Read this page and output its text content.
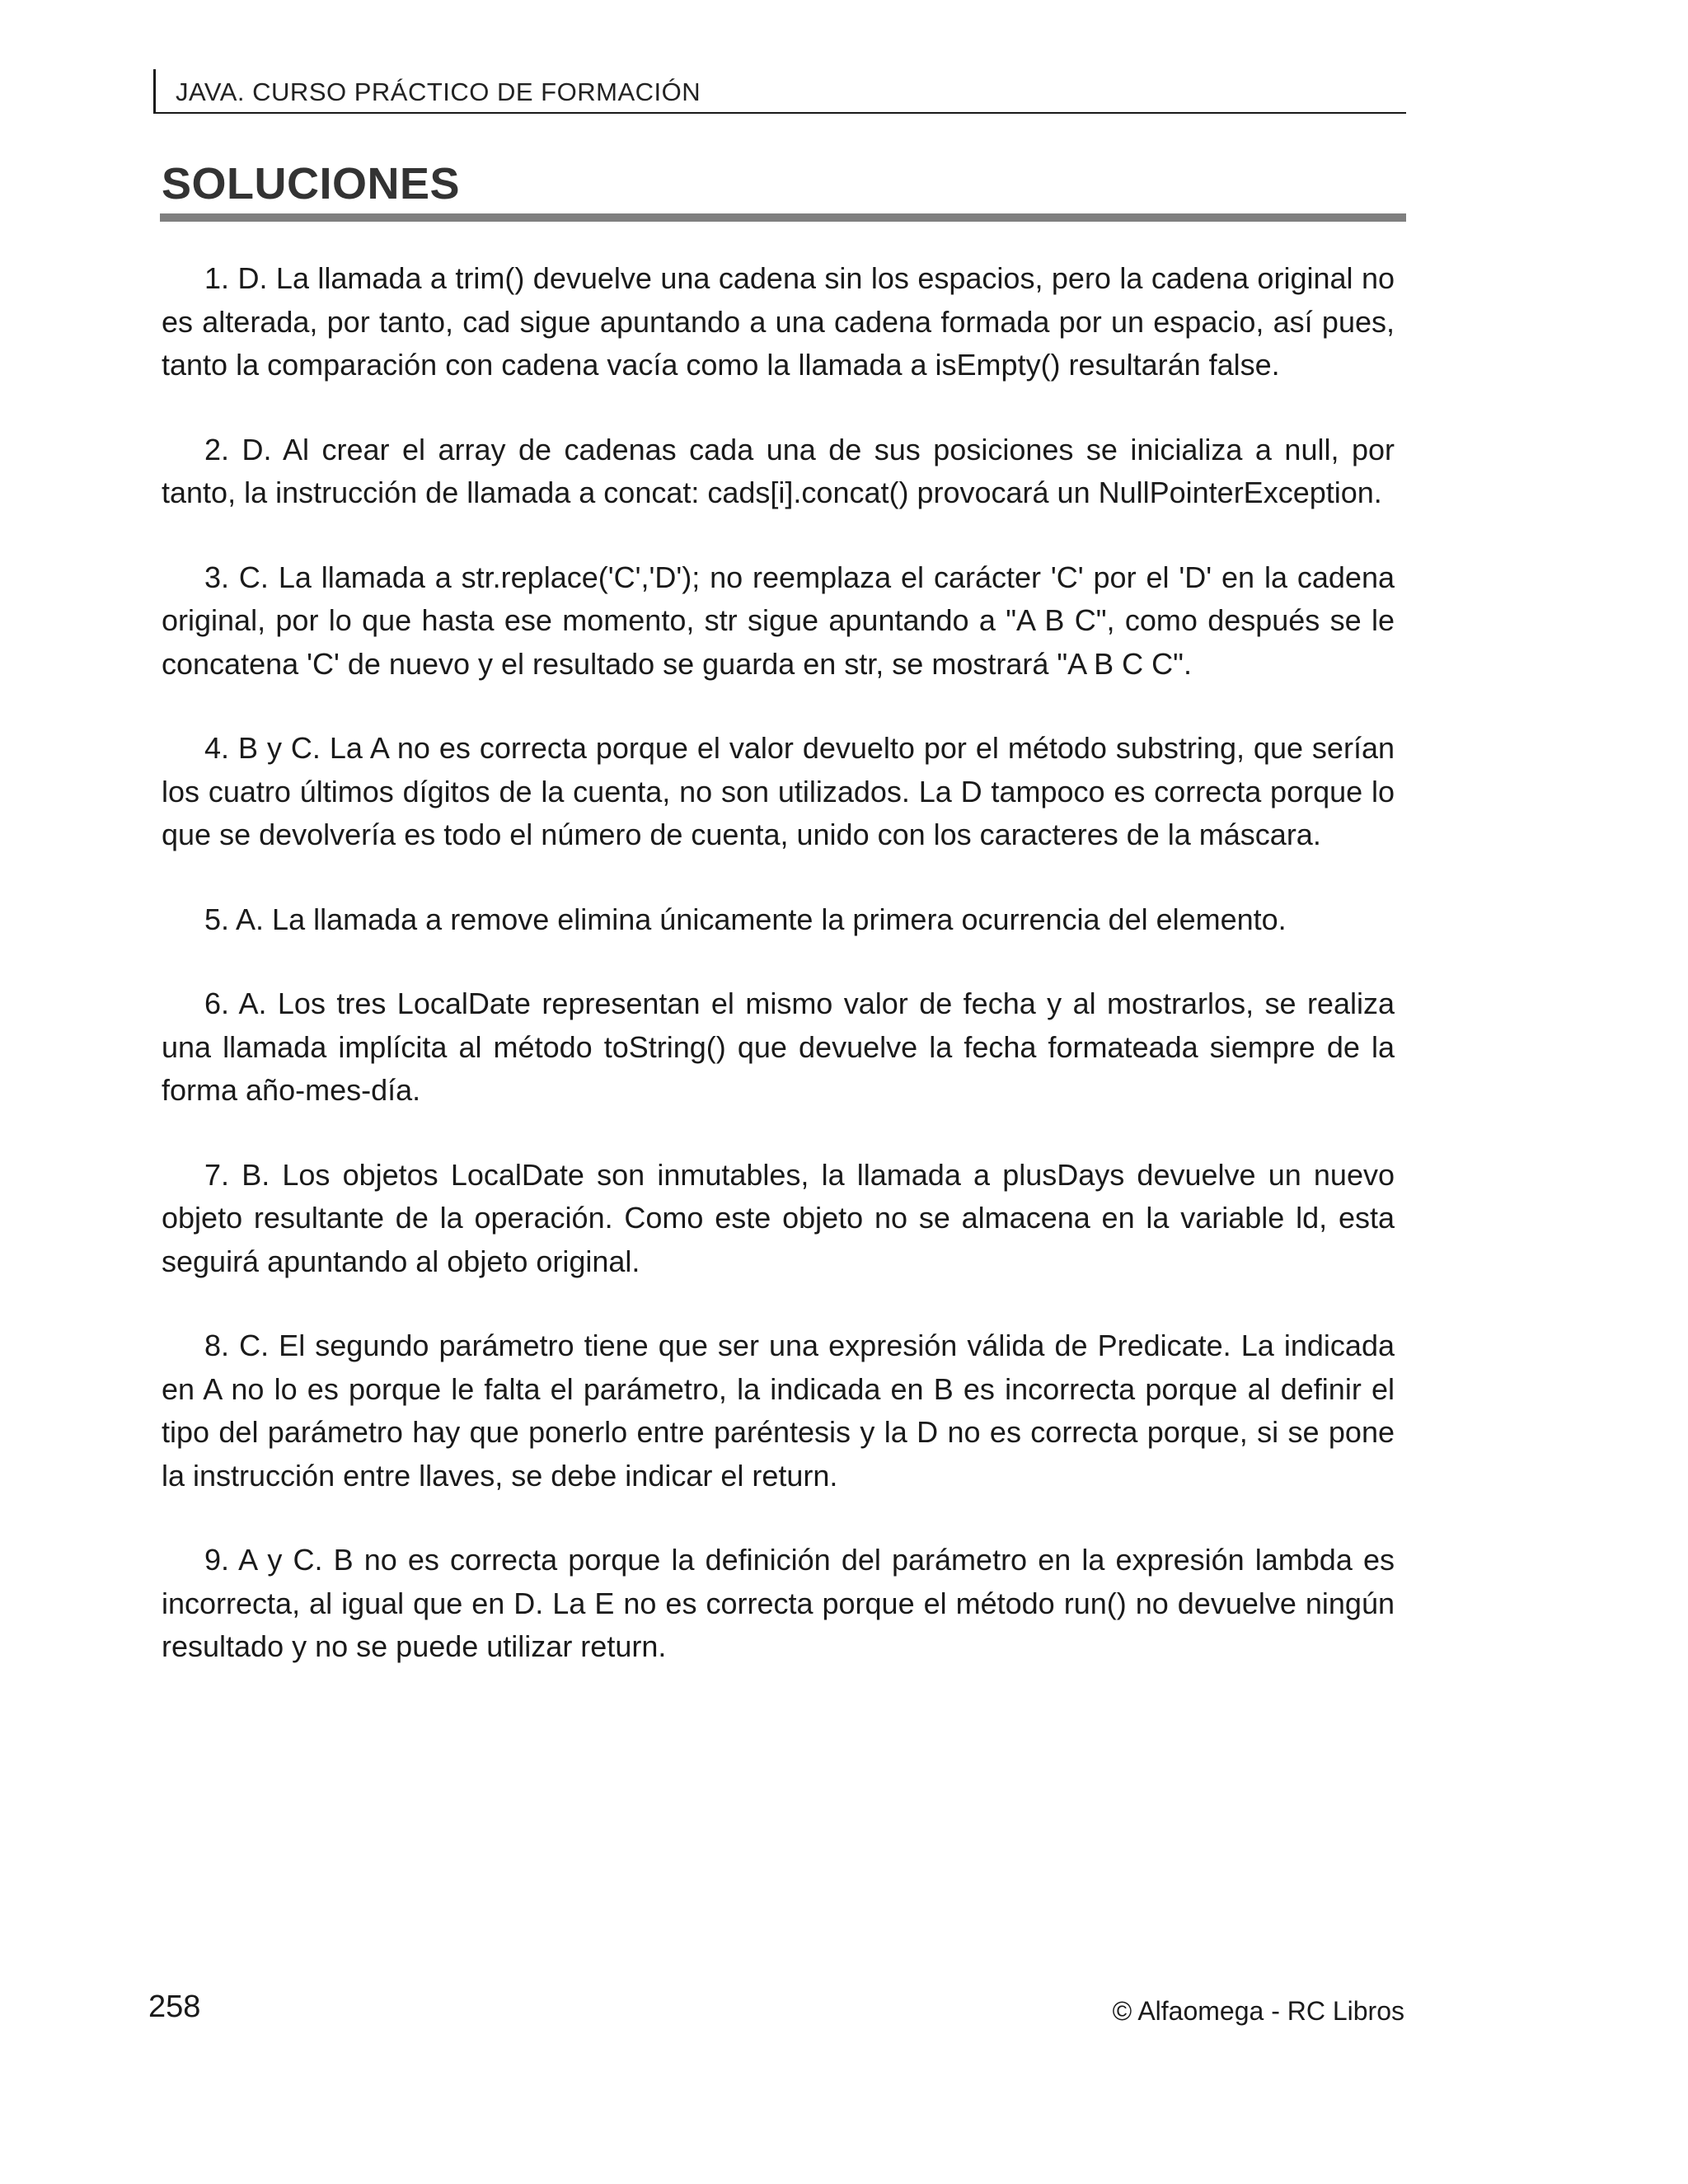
JAVA. CURSO PRÁCTICO DE FORMACIÓN
SOLUCIONES

1. D. La llamada a trim() devuelve una cadena sin los espacios, pero la cadena original no es alterada, por tanto, cad sigue apuntando a una cadena formada por un espacio, así pues, tanto la comparación con cadena vacía como la llamada a isEmpty() resultarán false.

2. D. Al crear el array de cadenas cada una de sus posiciones se inicializa a null, por tanto, la instrucción de llamada a concat: cads[i].concat() provocará un NullPointerException.

3. C. La llamada a str.replace('C','D'); no reemplaza el carácter 'C' por el 'D' en la cadena original, por lo que hasta ese momento, str sigue apuntando a "A B C", como después se le concatena 'C' de nuevo y el resultado se guarda en str, se mostrará "A B C C".

4. B y C. La A no es correcta porque el valor devuelto por el método substring, que serían los cuatro últimos dígitos de la cuenta, no son utilizados. La D tampoco es correcta porque lo que se devolvería es todo el número de cuenta, unido con los caracteres de la máscara.

5. A. La llamada a remove elimina únicamente la primera ocurrencia del elemento.

6. A. Los tres LocalDate representan el mismo valor de fecha y al mostrarlos, se realiza una llamada implícita al método toString() que devuelve la fecha formateada siempre de la forma año-mes-día.

7. B. Los objetos LocalDate son inmutables, la llamada a plusDays devuelve un nuevo objeto resultante de la operación. Como este objeto no se almacena en la variable ld, esta seguirá apuntando al objeto original.

8. C. El segundo parámetro tiene que ser una expresión válida de Predicate. La indicada en A no lo es porque le falta el parámetro, la indicada en B es incorrecta porque al definir el tipo del parámetro hay que ponerlo entre paréntesis y la D no es correcta porque, si se pone la instrucción entre llaves, se debe indicar el return.

9. A y C. B no es correcta porque la definición del parámetro en la expresión lambda es incorrecta, al igual que en D. La E no es correcta porque el método run() no devuelve ningún resultado y no se puede utilizar return.

258	© Alfaomega - RC Libros
